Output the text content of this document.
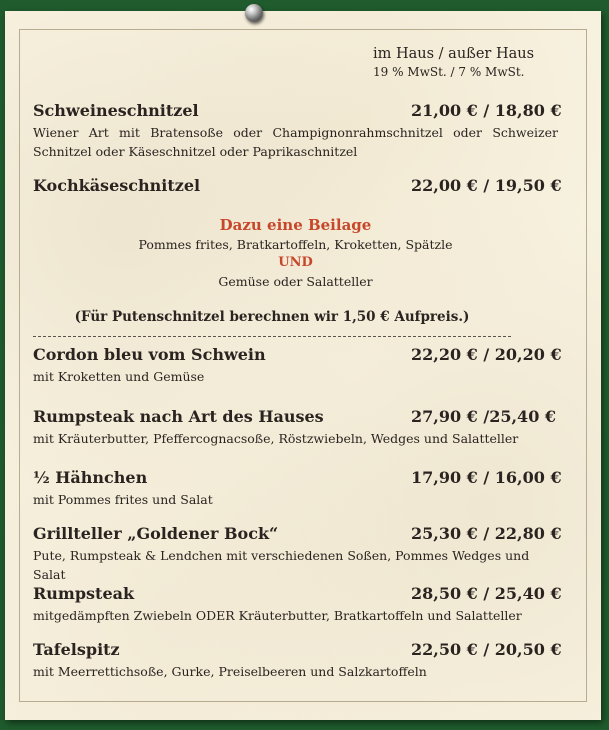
im Haus / außer Haus
19 % MwSt. / 7 % MwSt.
Schweineschnitzel	21,00 € / 18,80 €
Wiener Art mit Bratensoße oder Champignonrahmschnitzel oder Schweizer Schnitzel oder Käseschnitzel oder Paprikaschnitzel
Kochkäseschnitzel	22,00 € / 19,50 €
Dazu eine Beilage
Pommes frites, Bratkartoffeln, Kroketten, Spätzle
UND
Gemüse oder Salatteller
(Für Putenschnitzel berechnen wir 1,50 € Aufpreis.)
Cordon bleu vom Schwein	22,20 € / 20,20 €
mit Kroketten und Gemüse
Rumpsteak nach Art des Hauses	27,90 € /25,40 €
mit Kräuterbutter, Pfeffercognacsoße, Röstzwiebeln, Wedges und Salatteller
½ Hähnchen	17,90 € / 16,00 €
mit Pommes frites und Salat
Grillteller „Goldener Bock“	25,30 € / 22,80 €
Pute, Rumpsteak & Lendchen mit verschiedenen Soßen, Pommes Wedges und Salat
Rumpsteak	28,50 € / 25,40 €
mitgedämpften Zwiebeln ODER Kräuterbutter, Bratkartoffeln und Salatteller
Tafelspitz	22,50 € / 20,50 €
mit Meerrettichsoße, Gurke, Preiselbeeren und Salzkartoffeln
